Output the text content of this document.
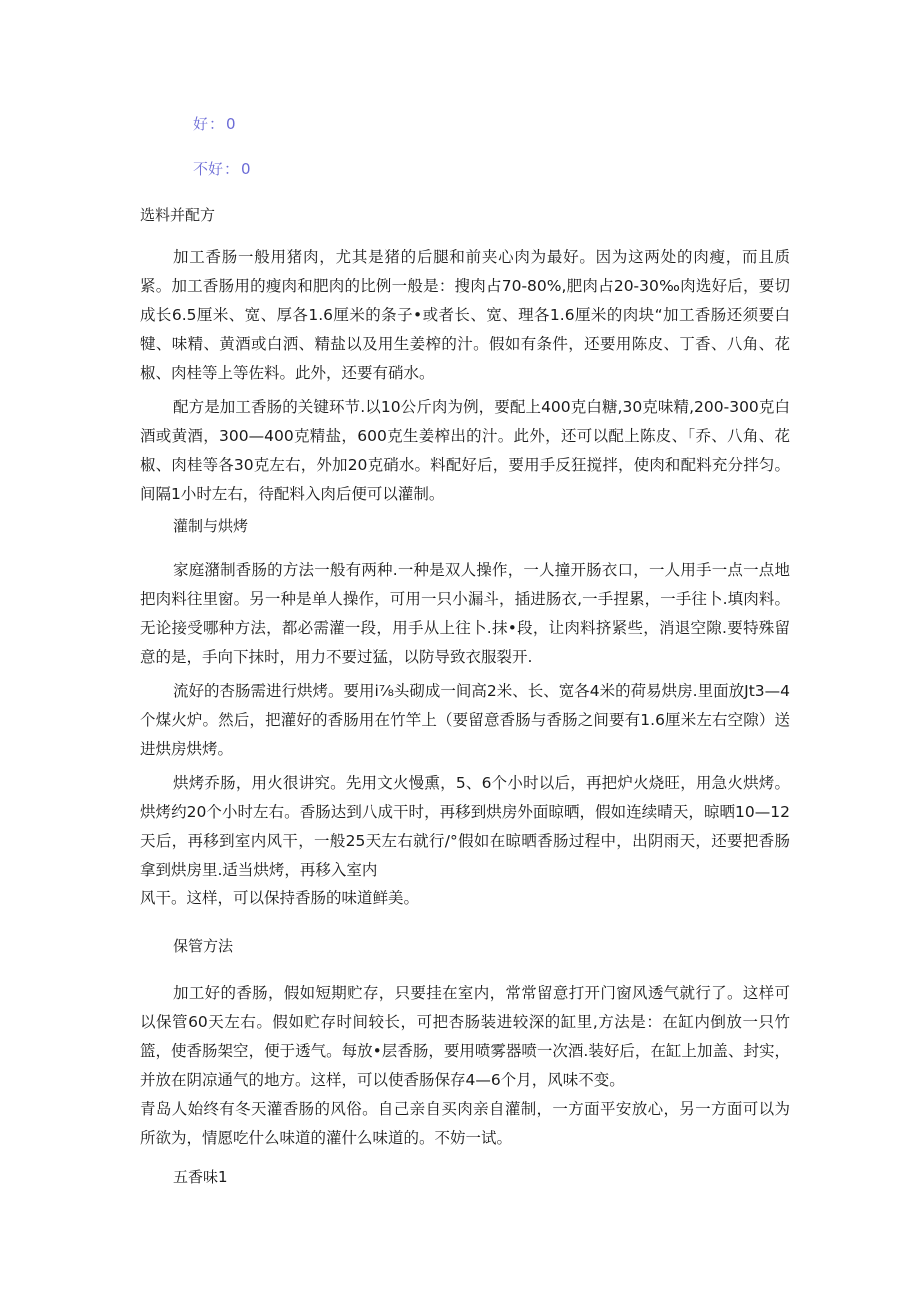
好： 0
不好： 0
选料并配方

加工香肠一般用猪肉，尤其是猪的后腿和前夹心肉为最好。因为这两处的肉瘦，而且质紧。加工香肠用的瘦肉和肥肉的比例一般是：搜肉占70-80%,肥肉占20-30‰肉选好后，要切成长6.5厘米、宽、厚各1.6厘米的条子•或者长、宽、理各1.6厘米的肉块“加工香肠还须要白犍、味精、黄酒或白洒、精盐以及用生姜榨的汁。假如有条件，还要用陈皮、丁香、八角、花椒、肉桂等上等佐料。此外，还要有硝水。

配方是加工香肠的关键环节.以10公斤肉为例，要配上400克白糖,30克味精,200-300克白酒或黄酒，300—400克精盐，600克生姜榨出的汁。此外，还可以配上陈皮、「乔、八角、花椒、肉桂等各30克左右，外加20克硝水。料配好后，要用手反狂搅拌，使肉和配料充分拌匀。间隔1小时左右，待配料入肉后便可以灌制。

灌制与烘烤

家庭潴制香肠的方法一般有两种.一种是双人操作，一人撞开肠衣口，一人用手一点一点地把肉料往里窗。另一种是单人操作，可用一只小漏斗，插进肠衣,一手捏累，一手往卜.填肉料。无论接受哪种方法，都必需灌一段，用手从上往卜.抹•段，让肉料挤紧些，消退空隙.要特殊留意的是，手向下抹时，用力不要过猛，以防导致衣服裂开.

流好的杏肠需进行烘烤。要用i⅞头砌成一间高2米、长、宽各4米的荷易烘房.里面放Jt3—4个煤火炉。然后，把灌好的香肠用在竹竿上（要留意香肠与香肠之间要有1.6厘米左右空隙）送进烘房烘烤。

烘烤乔肠，用火很讲究。先用文火慢熏，5、6个小时以后，再把炉火烧旺，用急火烘烤。烘烤约20个小时左右。香肠达到八成干时，再移到烘房外面晾晒，假如连续晴天，晾晒10—12天后，再移到室内风干，一般25天左右就行/°假如在晾晒香肠过程中，出阴雨天，还要把香肠拿到烘房里.适当烘烤，再移入室内

风干。这样，可以保持香肠的味道鲜美。

保管方法

加工好的香肠，假如短期贮存，只要挂在室内，常常留意打开门窗风透气就行了。这样可以保管60天左右。假如贮存时间较长，可把杏肠装进较深的缸里,方法是：在缸内倒放一只竹篮，使香肠架空，便于透气。每放•层香肠，要用喷雾器喷一次酒.装好后，在缸上加盖、封实，并放在阴凉通气的地方。这样，可以使香肠保存4—6个月，风味不变。

青岛人始终有冬天灌香肠的风俗。自己亲自买肉亲自灌制，一方面平安放心，另一方面可以为所欲为，情愿吃什么味道的灌什么味道的。不妨一试。

五香味1
